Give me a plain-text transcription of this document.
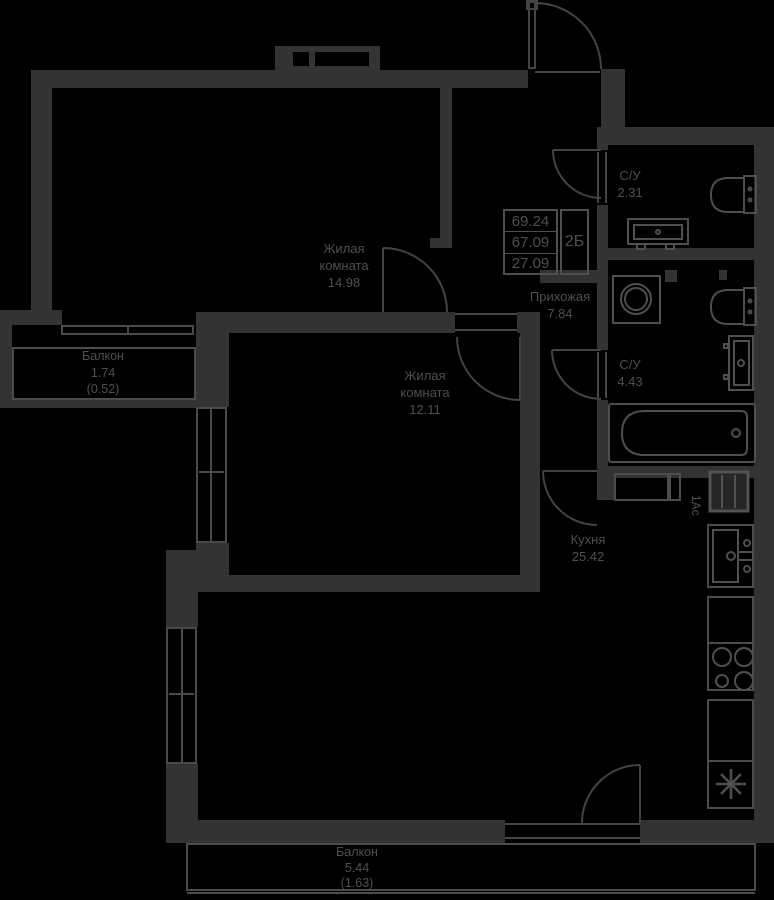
Жилая
комната
14.98
Жилая
комната
12.11
Прихожая
7.84
С/У
2.31
С/У
4.43
Кухня
25.42
Балкон
1.74
(0.52)
Балкон
5.44
(1.63)
69.24
67.09
27.09
2Б
1Ас
